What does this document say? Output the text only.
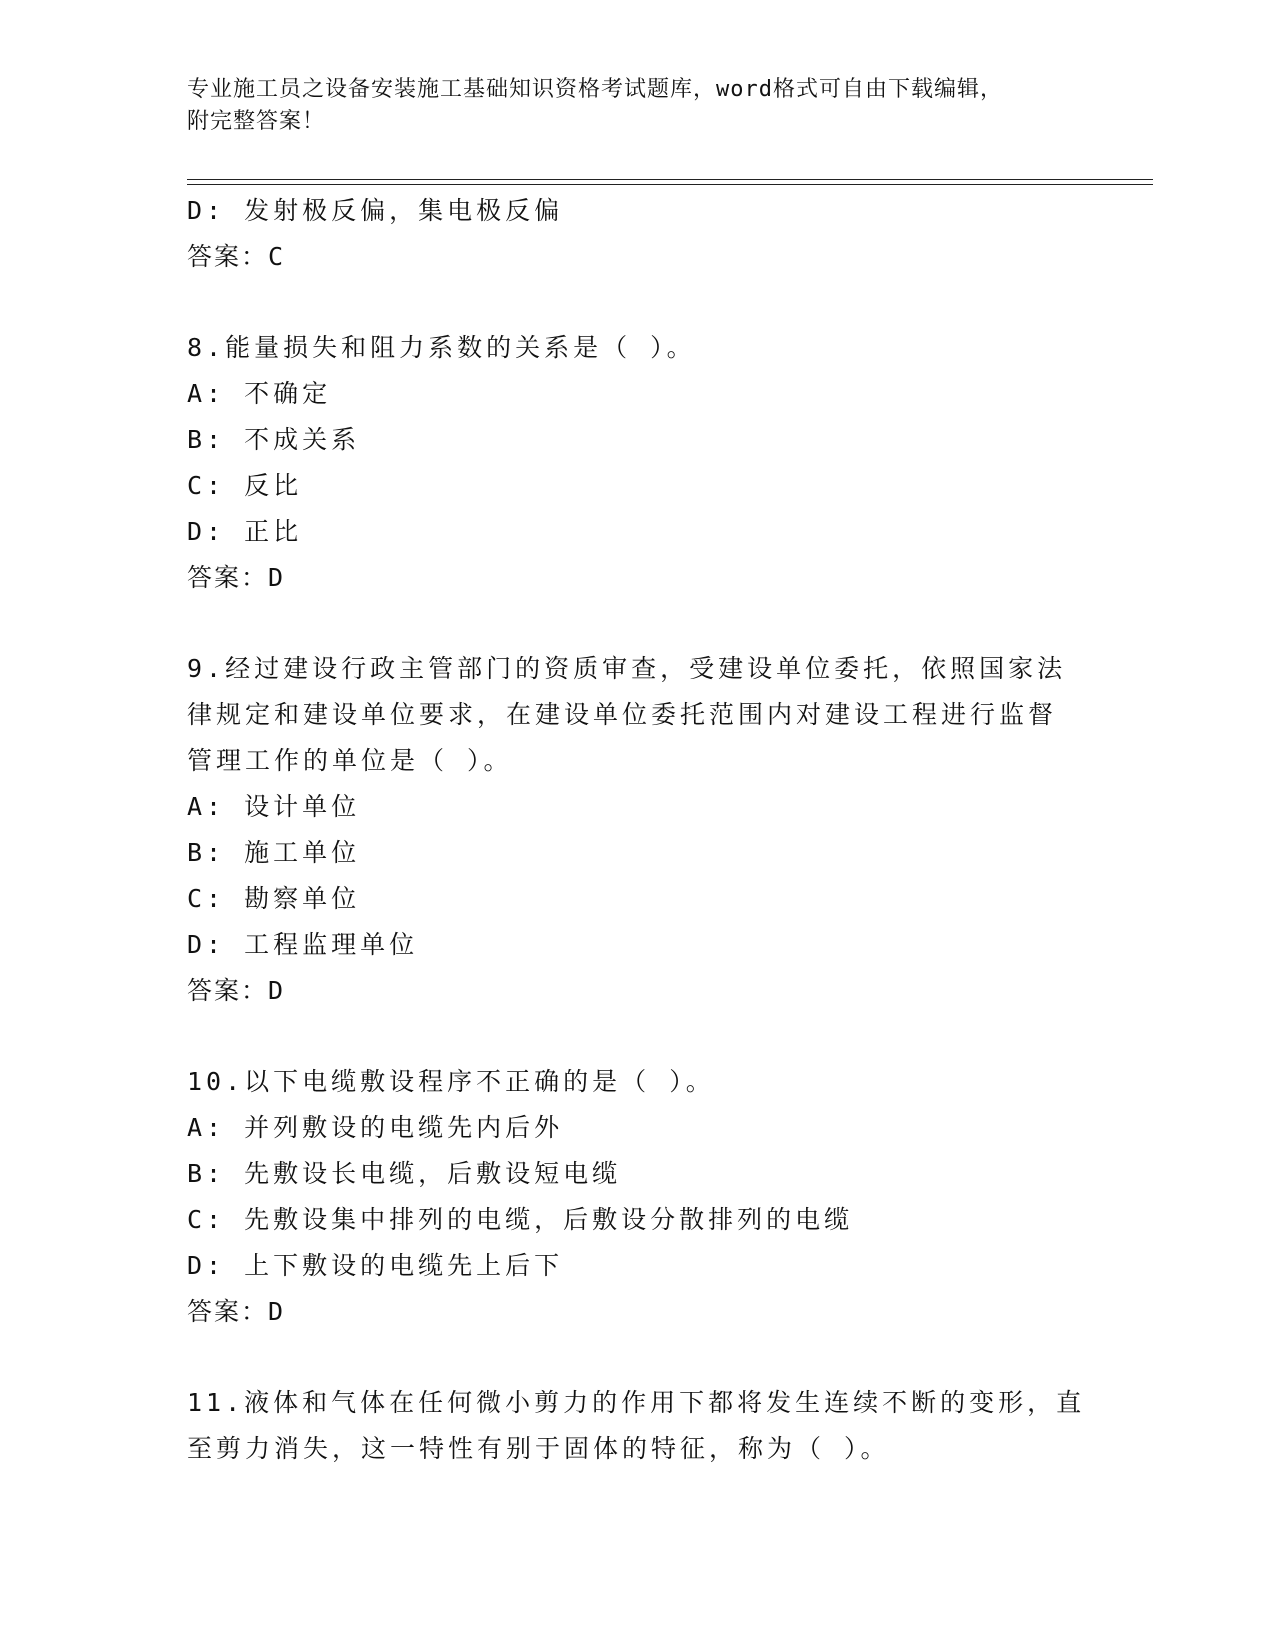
专业施工员之设备安装施工基础知识资格考试题库，word格式可自由下载编辑，
附完整答案！
D: 发射极反偏，集电极反偏
答案：C
8.能量损失和阻力系数的关系是（ ）。
A: 不确定
B: 不成关系
C: 反比
D: 正比
答案：D
9.经过建设行政主管部门的资质审查，受建设单位委托，依照国家法
律规定和建设单位要求，在建设单位委托范围内对建设工程进行监督
管理工作的单位是（ ）。
A: 设计单位
B: 施工单位
C: 勘察单位
D: 工程监理单位
答案：D
10.以下电缆敷设程序不正确的是（ ）。
A: 并列敷设的电缆先内后外
B: 先敷设长电缆，后敷设短电缆
C: 先敷设集中排列的电缆，后敷设分散排列的电缆
D: 上下敷设的电缆先上后下
答案：D
11.液体和气体在任何微小剪力的作用下都将发生连续不断的变形，直
至剪力消失，这一特性有别于固体的特征，称为（ ）。
